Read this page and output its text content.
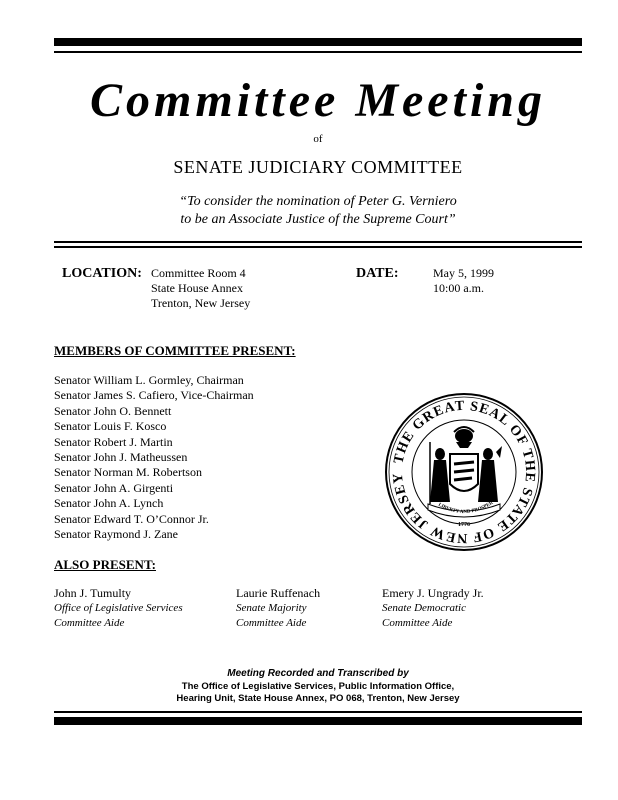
Committee Meeting
of
SENATE JUDICIARY COMMITTEE
“To consider the nomination of Peter G. Verniero
to be an Associate Justice of the Supreme Court”
LOCATION: Committee Room 4
State House Annex
Trenton, New Jersey
DATE:	May 5, 1999
10:00 a.m.
MEMBERS OF COMMITTEE PRESENT:
Senator William L. Gormley, Chairman
Senator James S. Cafiero, Vice-Chairman
Senator John O. Bennett
Senator Louis F. Kosco
Senator Robert J. Martin
Senator John J. Matheussen
Senator Norman M. Robertson
Senator John A. Girgenti
Senator John A. Lynch
Senator Edward T. O’Connor Jr.
Senator Raymond J. Zane
THE GREAT SEAL OF THE STATE OF NEW JERSEY
LIBERTY AND PROSPER
1776
ALSO PRESENT:
John J. Tumulty
Office of Legislative Services
Committee Aide
Laurie Ruffenach
Senate Majority
Committee Aide
Emery J. Ungrady Jr.
Senate Democratic
Committee Aide
Meeting Recorded and Transcribed by
The Office of Legislative Services, Public Information Office,
Hearing Unit, State House Annex, PO 068, Trenton, New Jersey
